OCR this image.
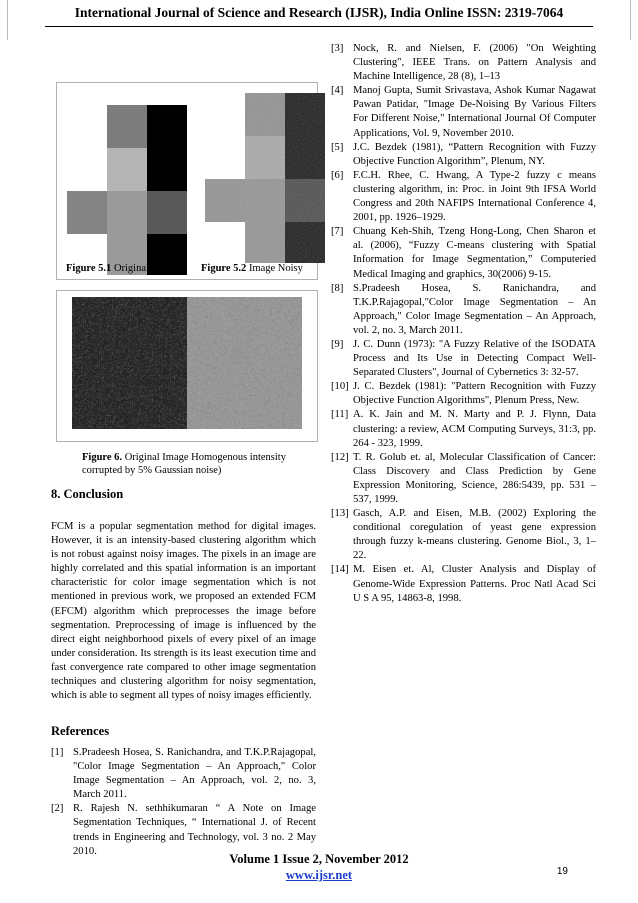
International Journal of Science and Research (IJSR), India Online ISSN: 2319-7064
Figure 5.1 Original Image Figure 5.2 Image Noisy
Figure 6. Original Image Homogenous intensity corrupted by 5% Gaussian noise)
8. Conclusion
FCM is a popular segmentation method for digital images. However, it is an intensity-based clustering algorithm which is not robust against noisy images. The pixels in an image are highly correlated and this spatial information is an important characteristic for color image segmentation which is not mentioned in previous work, we proposed an extended FCM (EFCM) algorithm which preprocesses the image before segmentation. Preprocessing of image is influenced by the direct eight neighborhood pixels of every pixel of an image under consideration. Its strength is its least execution time and fast convergence rate compared to other image segmentation techniques and clustering algorithm for noisy segmentation, which is able to segment all types of noisy images efficiently.
References
[1] S.Pradeesh Hosea, S. Ranichandra, and T.K.P.Rajagopal, "Color Image Segmentation – An Approach," Color Image Segmentation – An Approach, vol. 2, no. 3, March 2011.
[2] R. Rajesh N. sethhikumaran “ A Note on Image Segmentation Techniques, “ International J. of Recent trends in Engineering and Technology, vol. 3 no. 2 May 2010.
[3] Nock, R. and Nielsen, F. (2006) "On Weighting Clustering", IEEE Trans. on Pattern Analysis and Machine Intelligence, 28 (8), 1–13
[4] Manoj Gupta, Sumit Srivastava, Ashok Kumar Nagawat Pawan Patidar, "Image De-Noising By Various Filters For Different Noise," International Journal Of Computer Applications, Vol. 9, November 2010.
[5] J.C. Bezdek (1981), “Pattern Recognition with Fuzzy Objective Function Algorithm”, Plenum, NY.
[6] F.C.H. Rhee, C. Hwang, A Type-2 fuzzy c means clustering algorithm, in: Proc. in Joint 9th IFSA World Congress and 20th NAFIPS International Conference 4, 2001, pp. 1926–1929.
[7] Chuang Keh-Shih, Tzeng Hong-Long, Chen Sharon et al. (2006), “Fuzzy C-means clustering with Spatial Information for Image Segmentation,” Computeried Medical Imaging and graphics, 30(2006) 9-15.
[8] S.Pradeesh Hosea, S. Ranichandra, and T.K.P.Rajagopal,"Color Image Segmentation – An Approach," Color Image Segmentation – An Approach, vol. 2, no. 3, March 2011.
[9] J. C. Dunn (1973): "A Fuzzy Relative of the ISODATA Process and Its Use in Detecting Compact Well-Separated Clusters", Journal of Cybernetics 3: 32-57.
[10] J. C. Bezdek (1981): "Pattern Recognition with Fuzzy Objective Function Algorithms", Plenum Press, New.
[11] A. K. Jain and M. N. Marty and P. J. Flynn, Data clustering: a review, ACM Computing Surveys, 31:3, pp. 264 - 323, 1999.
[12] T. R. Golub et. al, Molecular Classification of Cancer: Class Discovery and Class Prediction by Gene Expression Monitoring, Science, 286:5439, pp. 531 – 537, 1999.
[13] Gasch, A.P. and Eisen, M.B. (2002) Exploring the conditional coregulation of yeast gene expression through fuzzy k-means clustering. Genome Biol., 3, 1–22.
[14] M. Eisen et. Al, Cluster Analysis and Display of Genome-Wide Expression Patterns. Proc Natl Acad Sci U S A 95, 14863-8, 1998.
Volume 1 Issue 2, November 2012
www.ijsr.net	19
